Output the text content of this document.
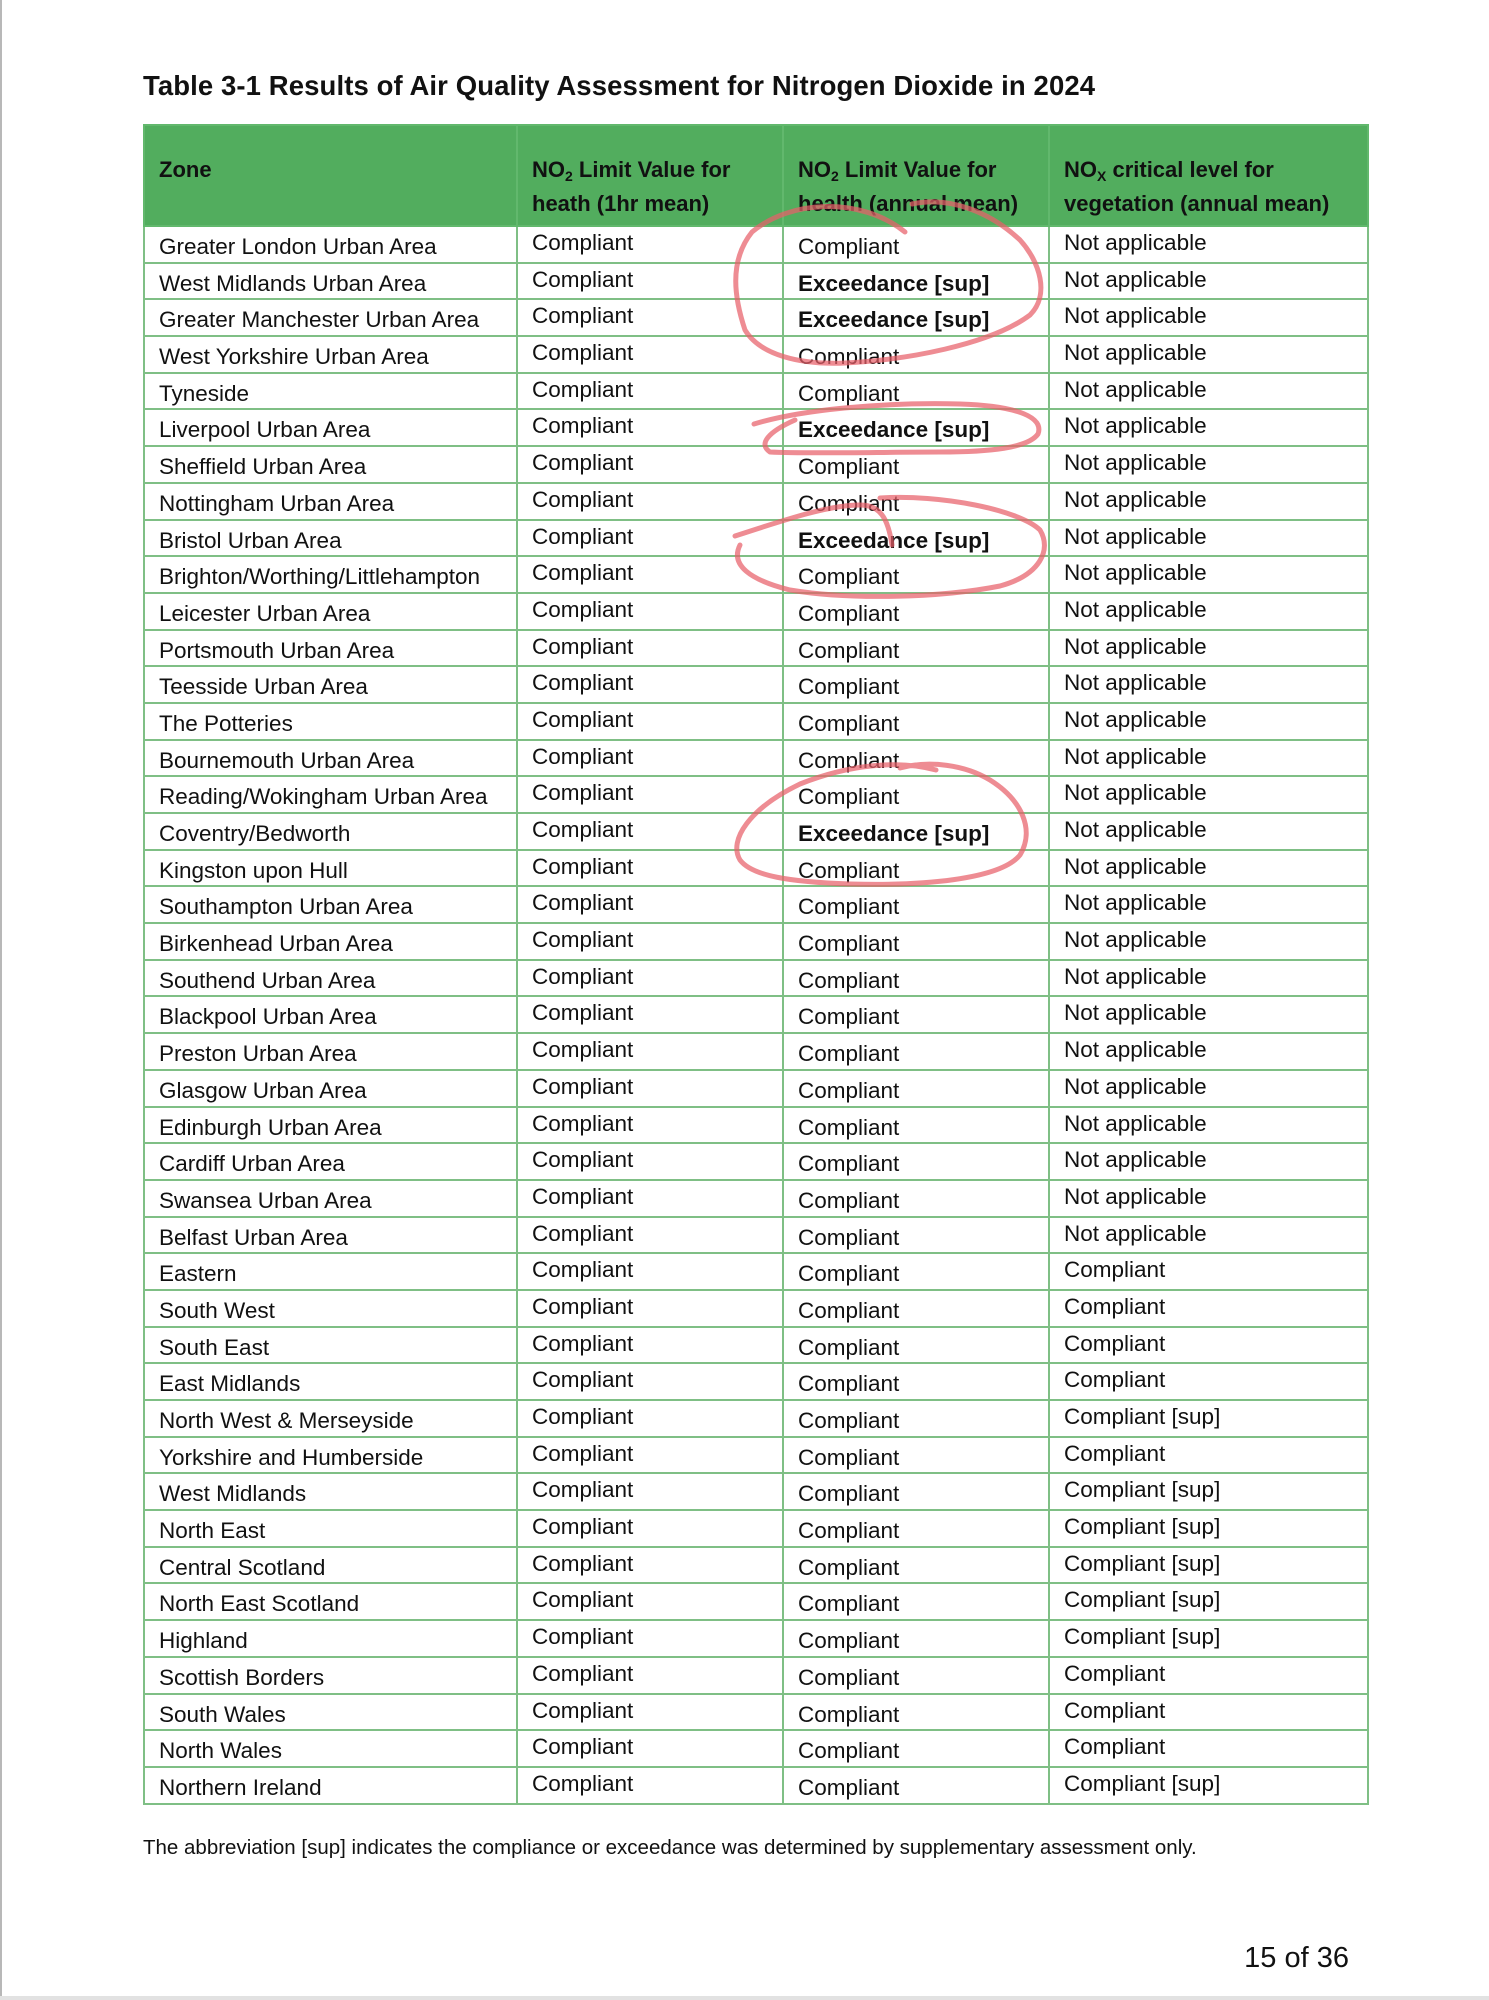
Table 3-1 Results of Air Quality Assessment for Nitrogen Dioxide in 2024
Zone	$NO_2$ Limit Value for heath (1hr mean)	$NO_2$ Limit Value for health (annual mean)	$NO_X$ critical level for vegetation (annual mean)
Greater London Urban Area	Compliant	Compliant	Not applicable
West Midlands Urban Area	Compliant	Exceedance [sup]	Not applicable
Greater Manchester Urban Area	Compliant	Exceedance [sup]	Not applicable
West Yorkshire Urban Area	Compliant	Compliant	Not applicable
Tyneside	Compliant	Compliant	Not applicable
Liverpool Urban Area	Compliant	Exceedance [sup]	Not applicable
Sheffield Urban Area	Compliant	Compliant	Not applicable
Nottingham Urban Area	Compliant	Compliant	Not applicable
Bristol Urban Area	Compliant	Exceedance [sup]	Not applicable
Brighton/Worthing/Littlehampton	Compliant	Compliant	Not applicable
Leicester Urban Area	Compliant	Compliant	Not applicable
Portsmouth Urban Area	Compliant	Compliant	Not applicable
Teesside Urban Area	Compliant	Compliant	Not applicable
The Potteries	Compliant	Compliant	Not applicable
Bournemouth Urban Area	Compliant	Compliant	Not applicable
Reading/Wokingham Urban Area	Compliant	Compliant	Not applicable
Coventry/Bedworth	Compliant	Exceedance [sup]	Not applicable
Kingston upon Hull	Compliant	Compliant	Not applicable
Southampton Urban Area	Compliant	Compliant	Not applicable
Birkenhead Urban Area	Compliant	Compliant	Not applicable
Southend Urban Area	Compliant	Compliant	Not applicable
Blackpool Urban Area	Compliant	Compliant	Not applicable
Preston Urban Area	Compliant	Compliant	Not applicable
Glasgow Urban Area	Compliant	Compliant	Not applicable
Edinburgh Urban Area	Compliant	Compliant	Not applicable
Cardiff Urban Area	Compliant	Compliant	Not applicable
Swansea Urban Area	Compliant	Compliant	Not applicable
Belfast Urban Area	Compliant	Compliant	Not applicable
Eastern	Compliant	Compliant	Compliant
South West	Compliant	Compliant	Compliant
South East	Compliant	Compliant	Compliant
East Midlands	Compliant	Compliant	Compliant
North West & Merseyside	Compliant	Compliant	Compliant [sup]
Yorkshire and Humberside	Compliant	Compliant	Compliant
West Midlands	Compliant	Compliant	Compliant [sup]
North East	Compliant	Compliant	Compliant [sup]
Central Scotland	Compliant	Compliant	Compliant [sup]
North East Scotland	Compliant	Compliant	Compliant [sup]
Highland	Compliant	Compliant	Compliant [sup]
Scottish Borders	Compliant	Compliant	Compliant
South Wales	Compliant	Compliant	Compliant
North Wales	Compliant	Compliant	Compliant
Northern Ireland	Compliant	Compliant	Compliant [sup]
The abbreviation [sup] indicates the compliance or exceedance was determined by supplementary assessment only.
15 of 36
